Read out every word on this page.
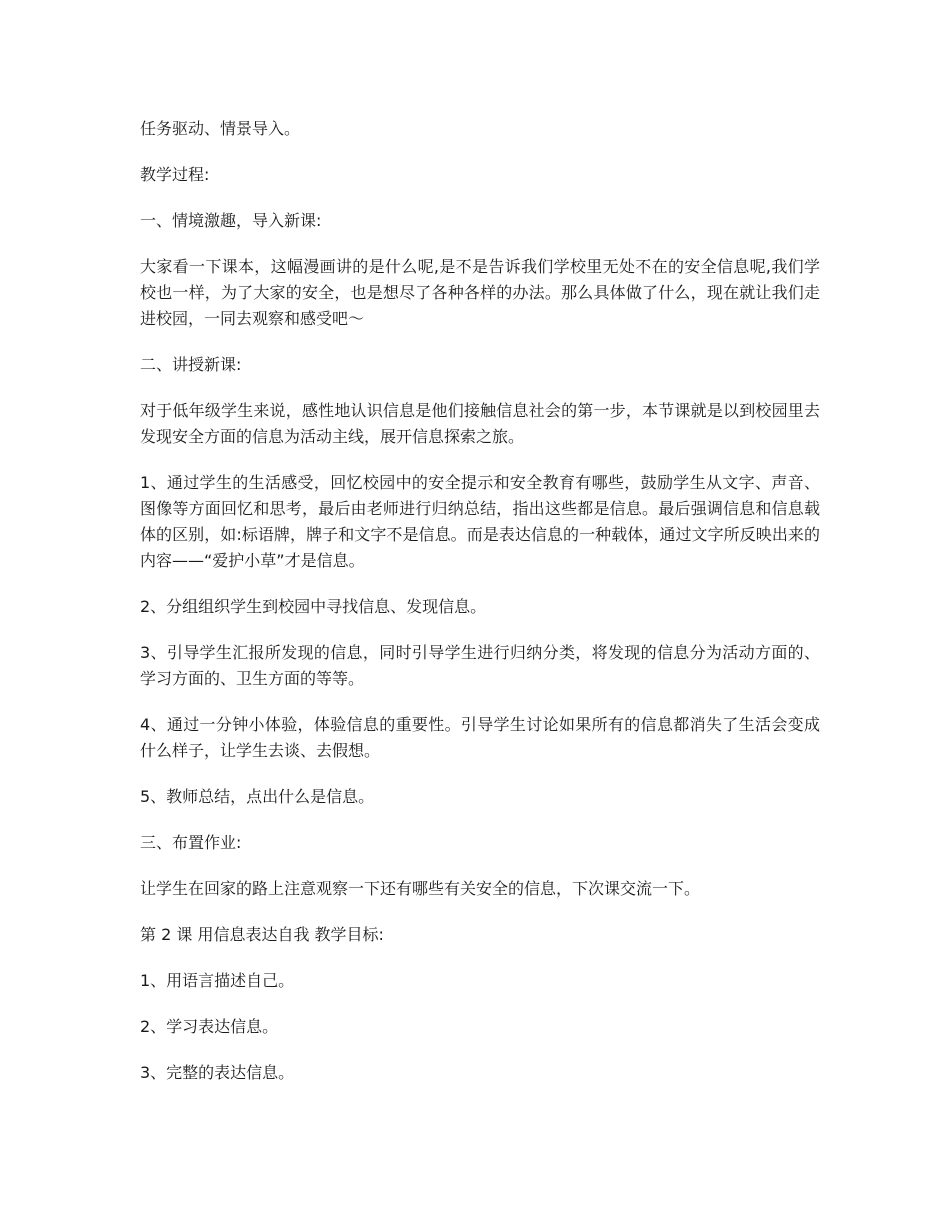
任务驱动、情景导入。

教学过程:

一、情境激趣，导入新课:

大家看一下课本，这幅漫画讲的是什么呢,是不是告诉我们学校里无处不在的安全信息呢,我们学校也一样，为了大家的安全，也是想尽了各种各样的办法。那么具体做了什么，现在就让我们走进校园，一同去观察和感受吧～

二、讲授新课:

对于低年级学生来说，感性地认识信息是他们接触信息社会的第一步，本节课就是以到校园里去发现安全方面的信息为活动主线，展开信息探索之旅。

1、通过学生的生活感受，回忆校园中的安全提示和安全教育有哪些，鼓励学生从文字、声音、图像等方面回忆和思考，最后由老师进行归纳总结，指出这些都是信息。最后强调信息和信息载体的区别，如:标语牌，牌子和文字不是信息。而是表达信息的一种载体，通过文字所反映出来的内容——“爱护小草”才是信息。

2、分组组织学生到校园中寻找信息、发现信息。

3、引导学生汇报所发现的信息，同时引导学生进行归纳分类，将发现的信息分为活动方面的、学习方面的、卫生方面的等等。

4、通过一分钟小体验，体验信息的重要性。引导学生讨论如果所有的信息都消失了生活会变成什么样子，让学生去谈、去假想。

5、教师总结，点出什么是信息。

三、布置作业:

让学生在回家的路上注意观察一下还有哪些有关安全的信息，下次课交流一下。

第 2 课 用信息表达自我 教学目标:

1、用语言描述自己。

2、学习表达信息。

3、完整的表达信息。
